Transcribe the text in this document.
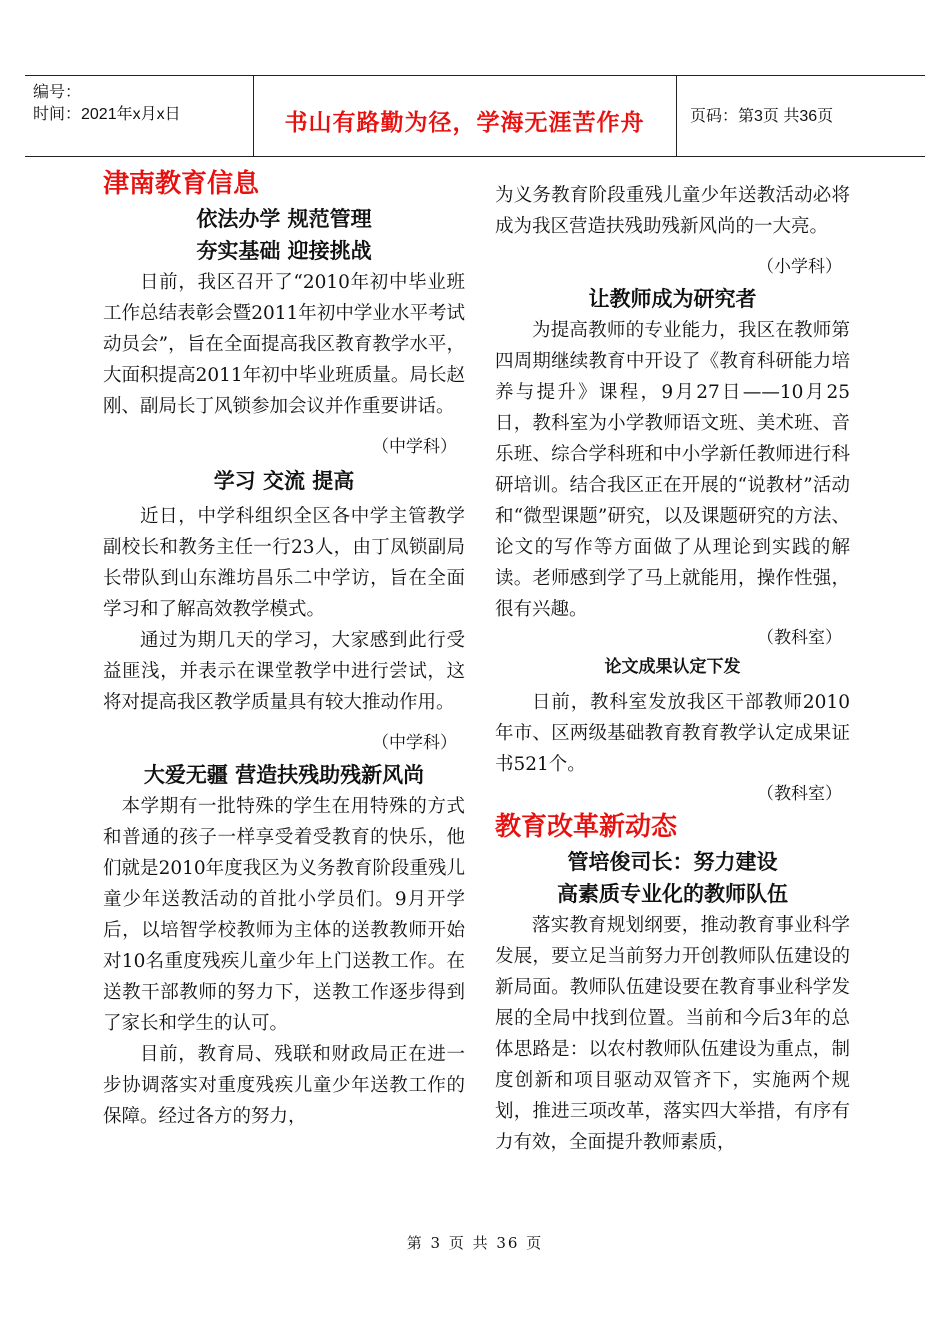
编号：
时间：2021年x月x日	书山有路勤为径，学海无涯苦作舟	页码：第3页 共36页
津南教育信息
依法办学 规范管理
夯实基础 迎接挑战

日前，我区召开了“2010年初中毕业班工作总结表彰会暨2011年初中学业水平考试动员会”，旨在全面提高我区教育教学水平，大面积提高2011年初中毕业班质量。局长赵刚、副局长丁风锁参加会议并作重要讲话。

（中学科）

学习 交流 提高

近日，中学科组织全区各中学主管教学副校长和教务主任一行23人，由丁凤锁副局长带队到山东潍坊昌乐二中学访，旨在全面学习和了解高效教学模式。

通过为期几天的学习，大家感到此行受益匪浅，并表示在课堂教学中进行尝试，这将对提高我区教学质量具有较大推动作用。

（中学科）

大爱无疆 营造扶残助残新风尚

本学期有一批特殊的学生在用特殊的方式和普通的孩子一样享受着受教育的快乐，他们就是2010年度我区为义务教育阶段重残儿童少年送教活动的首批小学员们。9月开学后，以培智学校教师为主体的送教教师开始对10名重度残疾儿童少年上门送教工作。在送教干部教师的努力下，送教工作逐步得到了家长和学生的认可。

目前，教育局、残联和财政局正在进一步协调落实对重度残疾儿童少年送教工作的保障。经过各方的努力，

为义务教育阶段重残儿童少年送教活动必将成为我区营造扶残助残新风尚的一大亮。

（小学科）

让教师成为研究者

为提高教师的专业能力，我区在教师第四周期继续教育中开设了《教育科研能力培养与提升》课程，9月27日——10月25日，教科室为小学教师语文班、美术班、音乐班、综合学科班和中小学新任教师进行科研培训。结合我区正在开展的“说教材”活动和“微型课题”研究，以及课题研究的方法、论文的写作等方面做了从理论到实践的解读。老师感到学了马上就能用，操作性强，很有兴趣。

（教科室）

论文成果认定下发

日前，教科室发放我区干部教师2010年市、区两级基础教育教育教学认定成果证书521个。

（教科室）

教育改革新动态
管培俊司长：努力建设
高素质专业化的教师队伍

落实教育规划纲要，推动教育事业科学发展，要立足当前努力开创教师队伍建设的新局面。教师队伍建设要在教育事业科学发展的全局中找到位置。当前和今后3年的总体思路是：以农村教师队伍建设为重点，制度创新和项目驱动双管齐下，实施两个规划，推进三项改革，落实四大举措，有序有力有效，全面提升教师素质，

第 3 页 共 36 页
